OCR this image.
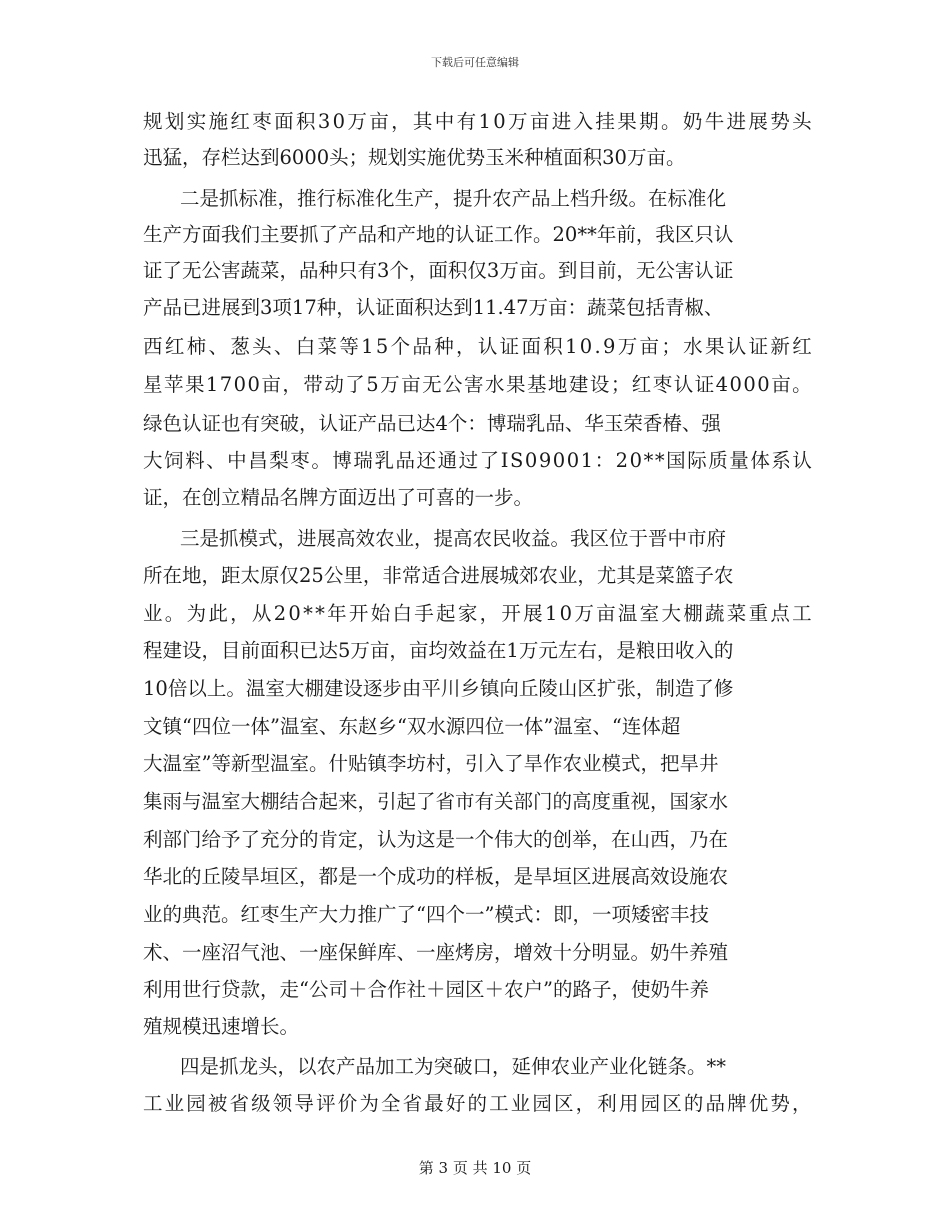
下载后可任意编辑
规划实施红枣面积30万亩，其中有10万亩进入挂果期。奶牛进展势头
迅猛，存栏达到6000头；规划实施优势玉米种植面积30万亩。
二是抓标准，推行标准化生产，提升农产品上档升级。在标准化
生产方面我们主要抓了产品和产地的认证工作。20**年前，我区只认
证了无公害蔬菜，品种只有3个，面积仅3万亩。到目前，无公害认证
产品已进展到3项17种，认证面积达到11.47万亩：蔬菜包括青椒、
西红柿、葱头、白菜等15个品种，认证面积10.9万亩；水果认证新红
星苹果1700亩，带动了5万亩无公害水果基地建设；红枣认证4000亩。
绿色认证也有突破，认证产品已达4个：博瑞乳品、华玉荣香椿、强
大饲料、中昌梨枣。博瑞乳品还通过了IS09001：20**国际质量体系认
证，在创立精品名牌方面迈出了可喜的一步。
三是抓模式，进展高效农业，提高农民收益。我区位于晋中市府
所在地，距太原仅25公里，非常适合进展城郊农业，尤其是菜篮子农
业。为此，从20**年开始白手起家，开展10万亩温室大棚蔬菜重点工
程建设，目前面积已达5万亩，亩均效益在1万元左右，是粮田收入的
10倍以上。温室大棚建设逐步由平川乡镇向丘陵山区扩张，制造了修
文镇“四位一体”温室、东赵乡“双水源四位一体”温室、“连体超
大温室”等新型温室。什贴镇李坊村，引入了旱作农业模式，把旱井
集雨与温室大棚结合起来，引起了省市有关部门的高度重视，国家水
利部门给予了充分的肯定，认为这是一个伟大的创举，在山西，乃在
华北的丘陵旱垣区，都是一个成功的样板，是旱垣区进展高效设施农
业的典范。红枣生产大力推广了“四个一”模式：即，一项矮密丰技
术、一座沼气池、一座保鲜库、一座烤房，增效十分明显。奶牛养殖
利用世行贷款，走“公司＋合作社＋园区＋农户”的路子，使奶牛养
殖规模迅速增长。
四是抓龙头，以农产品加工为突破口，延伸农业产业化链条。**
工业园被省级领导评价为全省最好的工业园区，利用园区的品牌优势，
第 3 页 共 10 页
